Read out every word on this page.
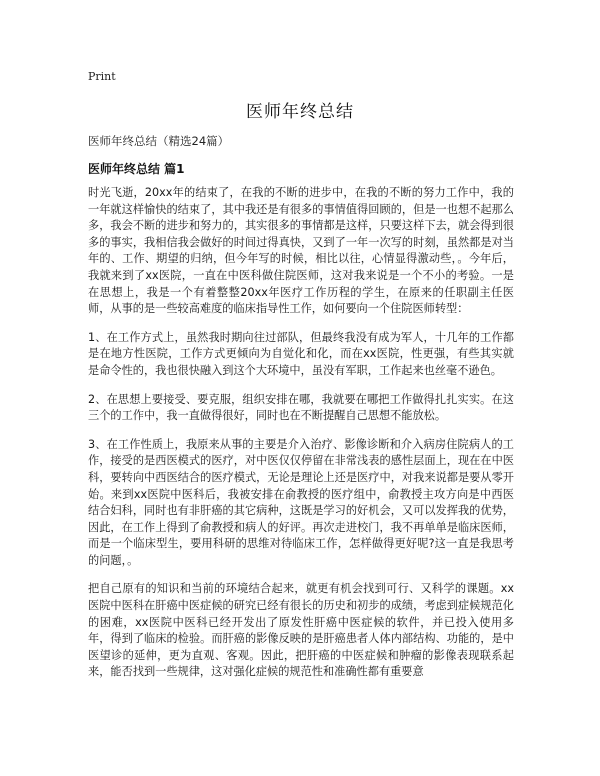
Print
医师年终总结

医师年终总结（精选24篇）

医师年终总结 篇1

时光飞逝，20xx年的结束了，在我的不断的进步中，在我的不断的努力工作中，我的一年就这样愉快的结束了，其中我还是有很多的事情值得回顾的，但是一也想不起那么多，我会不断的进步和努力的，其实很多的事情都是这样，只要这样下去，就会得到很多的事实，我相信我会做好的时间过得真快，又到了一年一次写的时刻，虽然都是对当年的、工作、期望的归纳，但今年写的时候，相比以往，心情显得激动些，。今年后，我就来到了xx医院，一直在中医科做住院医师，这对我来说是一个不小的考验。一是在思想上，我是一个有着整整20xx年医疗工作历程的学生，在原来的任职副主任医师，从事的是一些较高难度的临床指导性工作，如何要向一个住院医师转型：

1、在工作方式上，虽然我时期向往过部队，但最终我没有成为军人，十几年的工作都是在地方性医院，工作方式更倾向为自觉化和化，而在xx医院，性更强，有些其实就是命令性的，我也很快融入到这个大环境中，虽没有军职，工作起来也丝毫不逊色。

2、在思想上要接受、要克服，组织安排在哪，我就要在哪把工作做得扎扎实实。在这三个的工作中，我一直做得很好，同时也在不断提醒自己思想不能放松。

3、在工作性质上，我原来从事的主要是介入治疗、影像诊断和介入病房住院病人的工作，接受的是西医模式的医疗，对中医仅仅停留在非常浅表的感性层面上，现在在中医科，要转向中西医结合的医疗模式，无论是理论上还是医疗中，对我来说都是要从零开始。来到xx医院中医科后，我被安排在俞教授的医疗组中，俞教授主攻方向是中西医结合妇科，同时也有非肝癌的其它病种，这既是学习的好机会，又可以发挥我的优势，因此，在工作上得到了俞教授和病人的好评。再次走进校门，我不再单单是临床医师，而是一个临床型生，要用科研的思维对待临床工作，怎样做得更好呢?这一直是我思考的问题，。

把自己原有的知识和当前的环境结合起来，就更有机会找到可行、又科学的课题。xx医院中医科在肝癌中医症候的研究已经有很长的历史和初步的成绩，考虑到症候规范化的困难，xx医院中医科已经开发出了原发性肝癌中医症候的软件，并已投入使用多年，得到了临床的检验。而肝癌的影像反映的是肝癌患者人体内部结构、功能的，是中医望诊的延伸，更为直观、客观。因此，把肝癌的中医症候和肿瘤的影像表现联系起来，能否找到一些规律，这对强化症候的规范性和准确性都有重要意
